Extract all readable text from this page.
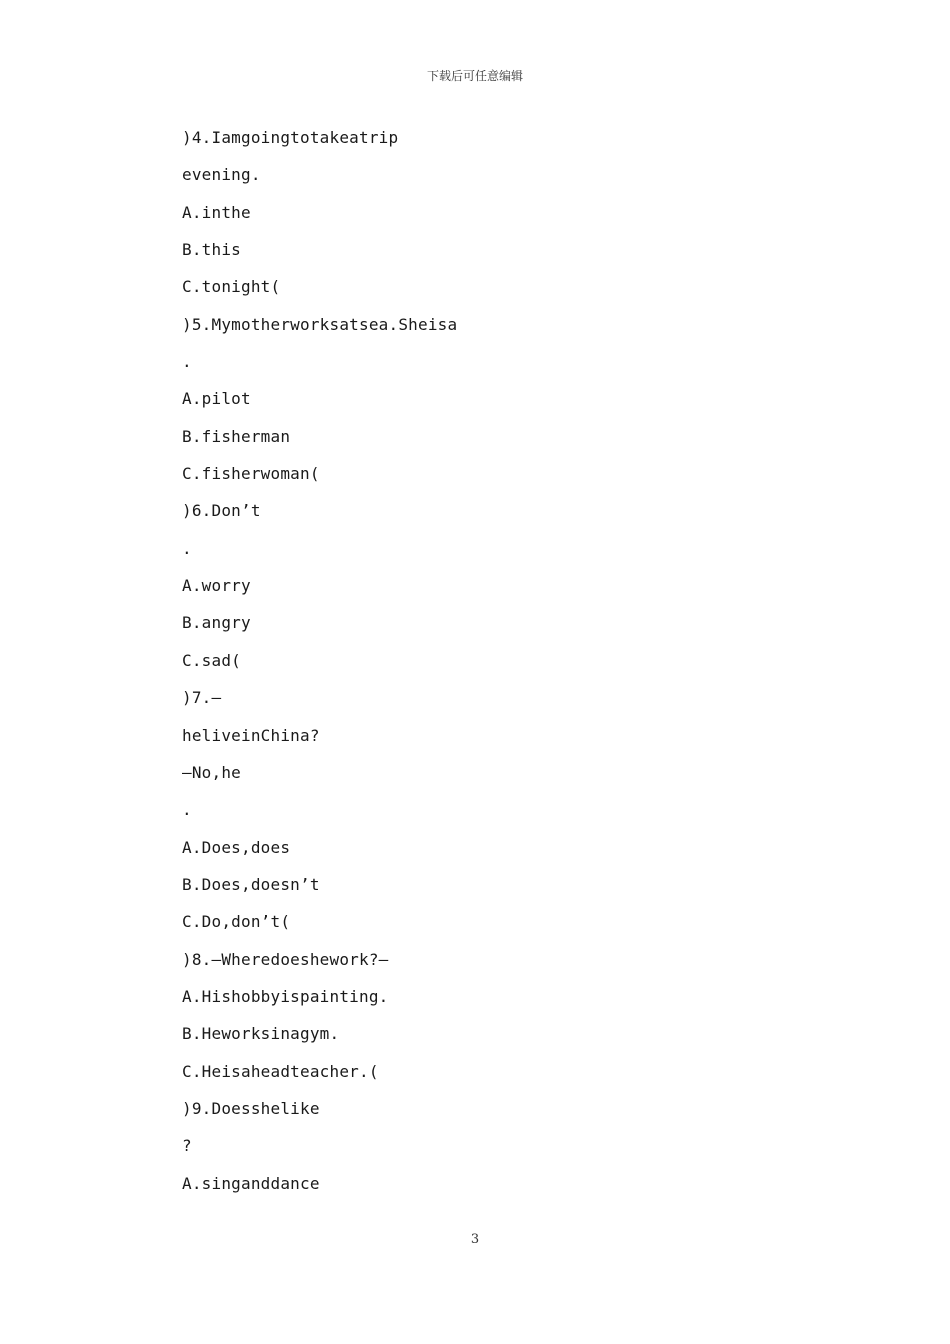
下载后可任意编辑
)4.Iamgoingtotakeatrip
evening.
A.inthe
B.this
C.tonight(
)5.Mymotherworksatsea.Sheisa
.
A.pilot
B.fisherman
C.fisherwoman(
)6.Don’t
.
A.worry
B.angry
C.sad(
)7.—
heliveinChina?
—No,he
.
A.Does,does
B.Does,doesn’t
C.Do,don’t(
)8.—Wheredoeshework?—
A.Hishobbyispainting.
B.Heworksinagym.
C.Heisaheadteacher.(
)9.Doesshelike
?
A.singanddance
3
